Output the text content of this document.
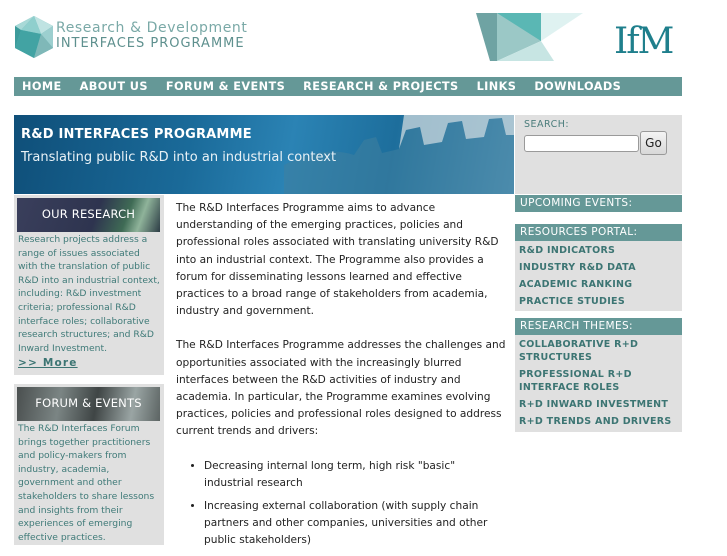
Research & Development
INTERFACES PROGRAMME	IfM
HOME ABOUT US FORUM & EVENTS RESEARCH & PROJECTS LINKS DOWNLOADS
R&D INTERFACES PROGRAMME
Translating public R&D into an industrial context
SEARCH:
Go
UPCOMING EVENTS:
RESOURCES PORTAL:
R&D INDICATORS
INDUSTRY R&D DATA
ACADEMIC RANKING
PRACTICE STUDIES
RESEARCH THEMES:
COLLABORATIVE R+D STRUCTURES
PROFESSIONAL R+D INTERFACE ROLES
R+D INWARD INVESTMENT
R+D TRENDS AND DRIVERS
OUR RESEARCH
Research projects address a range of issues associated with the translation of public R&D into an industrial context, including: R&D investment criteria; professional R&D interface roles; collaborative research structures; and R&D Inward Investment.
>> More
FORUM & EVENTS
The R&D Interfaces Forum brings together practitioners and policy-makers from industry, academia, government and other stakeholders to share lessons and insights from their experiences of emerging effective practices.

The R&D Interfaces Programme aims to advance understanding of the emerging practices, policies and professional roles associated with translating university R&D into an industrial context. The Programme also provides a forum for disseminating lessons learned and effective practices to a broad range of stakeholders from academia, industry and government.

The R&D Interfaces Programme addresses the challenges and opportunities associated with the increasingly blurred interfaces between the R&D activities of industry and academia. In particular, the Programme examines evolving practices, policies and professional roles designed to address current trends and drivers:

• Decreasing internal long term, high risk "basic" industrial research
• Increasing external collaboration (with supply chain partners and other companies, universities and other public stakeholders)
